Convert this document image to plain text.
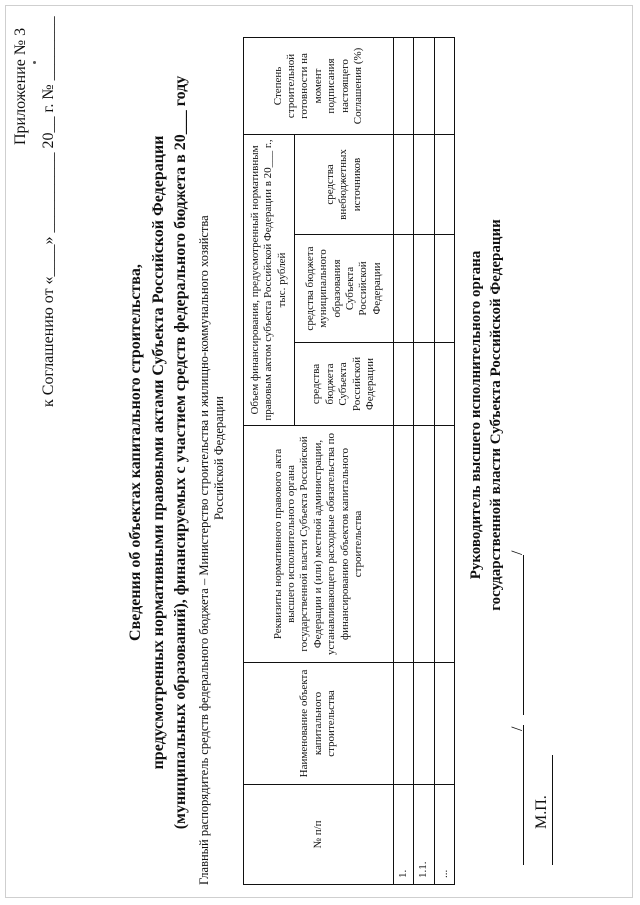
Приложение № 3 к Соглашению от «____» __________ 20__ г. № ________
Сведения об объектах капитального строительства, предусмотренных нормативными правовыми актами Субъекта Российской Федерации (муниципальных образований), финансируемых с участием средств федерального бюджета в 20___ году Главный распорядитель средств федерального бюджета – Министерство строительства и жилищно-коммунального хозяйства Российской Федерации
№ п/п	Наименование объекта капитального строительства	Реквизиты нормативного правового акта высшего исполнительного органа государственной власти Субъекта Российской Федерации и (или) местной администрации, устанавливающего расходные обязательства по финансированию объектов капитального строительства	Объем финансирования, предусмотренный нормативным правовым актом субъекта Российской Федерации в 20___ г., тыс. рублей			Степень строительной готовности на момент подписания настоящего Соглашения (%)
			средства бюджета Субъекта Российской Федерации	средства бюджета муниципального образования Субъекта Российской Федерации	средства внебюджетных источников	
1.						
1.1.						
...						
Руководитель высшего исполнительного органа государственной власти Субъекта Российской Федерации
/
/
М.П.
